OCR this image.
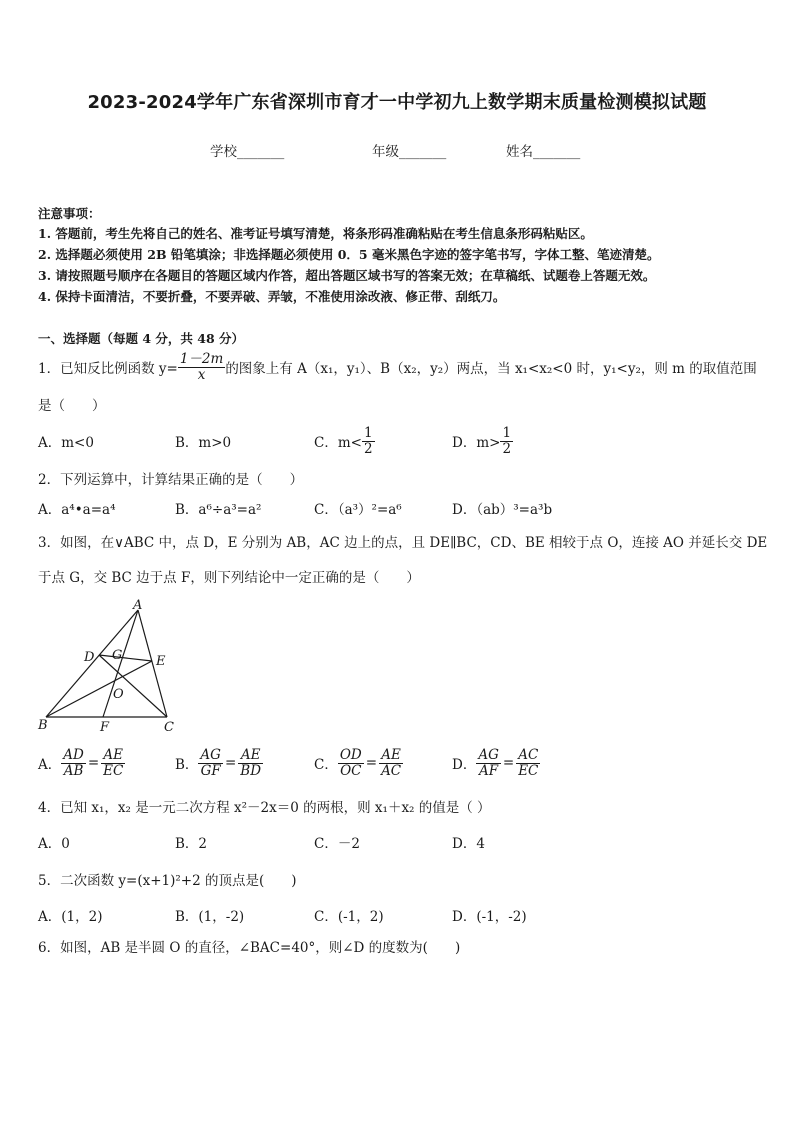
2023-2024学年广东省深圳市育才一中学初九上数学期末质量检测模拟试题
学校_______	年级_______	姓名_______
注意事项：
1. 答题前，考生先将自己的姓名、准考证号填写清楚，将条形码准确粘贴在考生信息条形码粘贴区。
2. 选择题必须使用 2B 铅笔填涂；非选择题必须使用 0．5 毫米黑色字迹的签字笔书写，字体工整、笔迹清楚。
3. 请按照题号顺序在各题目的答题区域内作答，超出答题区域书写的答案无效；在草稿纸、试题卷上答题无效。
4. 保持卡面清洁，不要折叠，不要弄破、弄皱，不准使用涂改液、修正带、刮纸刀。
一、选择题（每题 4 分，共 48 分）
1．已知反比例函数 $y= \frac{1-2m}{x}$ 的图象上有 A（x₁，y₁）、B（x₂，y₂）两点，当 x₁<x₂<0 时，y₁<y₂，则 m 的取值范围
是（　　）
A．m<0	B．m>0	C．$m< \frac{1}{2}$	D．$m> \frac{1}{2}$
2．下列运算中，计算结果正确的是（　　）
A．a⁴•a=a⁴	B．a⁶÷a³=a²	C．（a³）²=a⁶	D．（ab）³=a³b
3．如图，在∨ABC 中，点 D，E 分别为 AB，AC 边上的点，且 DE∥BC，CD、BE 相较于点 O，连接 AO 并延长交 DE
于点 G，交 BC 边于点 F，则下列结论中一定正确的是（　　）
A
D G	E
O
B	F	C
A． $\frac{AD}{AB} = \frac{AE}{EC}$	B． $\frac{AG}{GF} = \frac{AE}{BD}$	C． $\frac{OD}{OC} = \frac{AE}{AC}$	D． $\frac{AG}{AF} = \frac{AC}{EC}$
4．已知 x₁，x₂ 是一元二次方程 x²－2x＝0 的两根，则 x₁＋x₂ 的值是（ ）
A．0	B．2	C．－2	D．4
5．二次函数 y=(x+1)²+2 的顶点是(　　)
A．(1，2)	B．(1，-2)	C．(-1，2)	D．(-1，-2)
6．如图，AB 是半圆 O 的直径，∠BAC=40°，则∠D 的度数为(　　)
